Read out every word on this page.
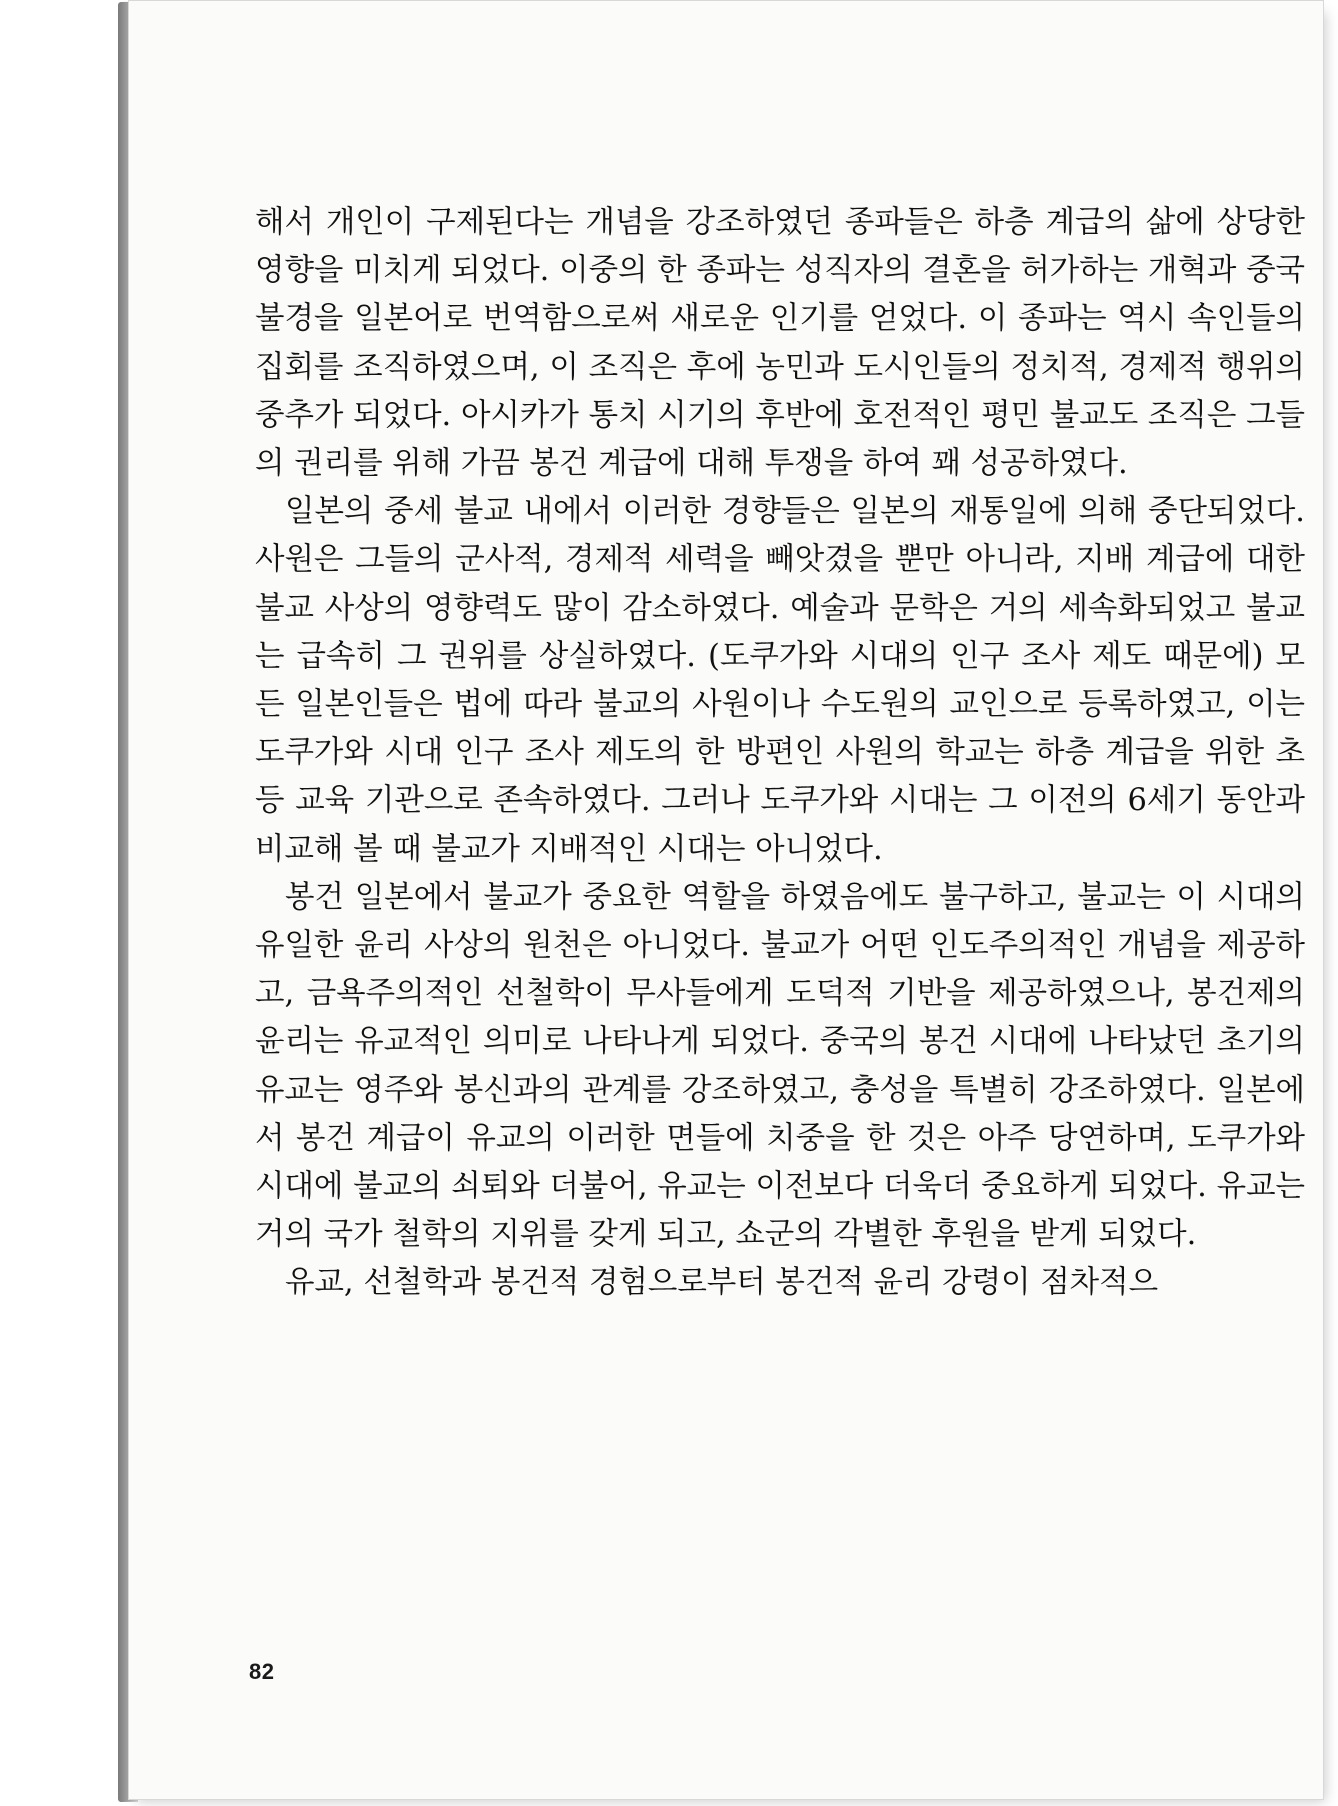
해서 개인이 구제된다는 개념을 강조하였던 종파들은 하층 계급의 삶에 상당한 영향을 미치게 되었다. 이중의 한 종파는 성직자의 결혼을 허가하는 개혁과 중국 불경을 일본어로 번역함으로써 새로운 인기를 얻었다. 이 종파는 역시 속인들의 집회를 조직하였으며, 이 조직은 후에 농민과 도시인들의 정치적, 경제적 행위의 중추가 되었다. 아시카가 통치 시기의 후반에 호전적인 평민 불교도 조직은 그들의 권리를 위해 가끔 봉건 계급에 대해 투쟁을 하여 꽤 성공하였다.

일본의 중세 불교 내에서 이러한 경향들은 일본의 재통일에 의해 중단되었다. 사원은 그들의 군사적, 경제적 세력을 빼앗겼을 뿐만 아니라, 지배 계급에 대한 불교 사상의 영향력도 많이 감소하였다. 예술과 문학은 거의 세속화되었고 불교는 급속히 그 권위를 상실하였다. (도쿠가와 시대의 인구 조사 제도 때문에) 모든 일본인들은 법에 따라 불교의 사원이나 수도원의 교인으로 등록하였고, 이는 도쿠가와 시대 인구 조사 제도의 한 방편인 사원의 학교는 하층 계급을 위한 초등 교육 기관으로 존속하였다. 그러나 도쿠가와 시대는 그 이전의 6세기 동안과 비교해 볼 때 불교가 지배적인 시대는 아니었다.

봉건 일본에서 불교가 중요한 역할을 하였음에도 불구하고, 불교는 이 시대의 유일한 윤리 사상의 원천은 아니었다. 불교가 어떤 인도주의적인 개념을 제공하고, 금욕주의적인 선철학이 무사들에게 도덕적 기반을 제공하였으나, 봉건제의 윤리는 유교적인 의미로 나타나게 되었다. 중국의 봉건 시대에 나타났던 초기의 유교는 영주와 봉신과의 관계를 강조하였고, 충성을 특별히 강조하였다. 일본에서 봉건 계급이 유교의 이러한 면들에 치중을 한 것은 아주 당연하며, 도쿠가와 시대에 불교의 쇠퇴와 더불어, 유교는 이전보다 더욱더 중요하게 되었다. 유교는 거의 국가 철학의 지위를 갖게 되고, 쇼군의 각별한 후원을 받게 되었다.

유교, 선철학과 봉건적 경험으로부터 봉건적 윤리 강령이 점차적으

82
